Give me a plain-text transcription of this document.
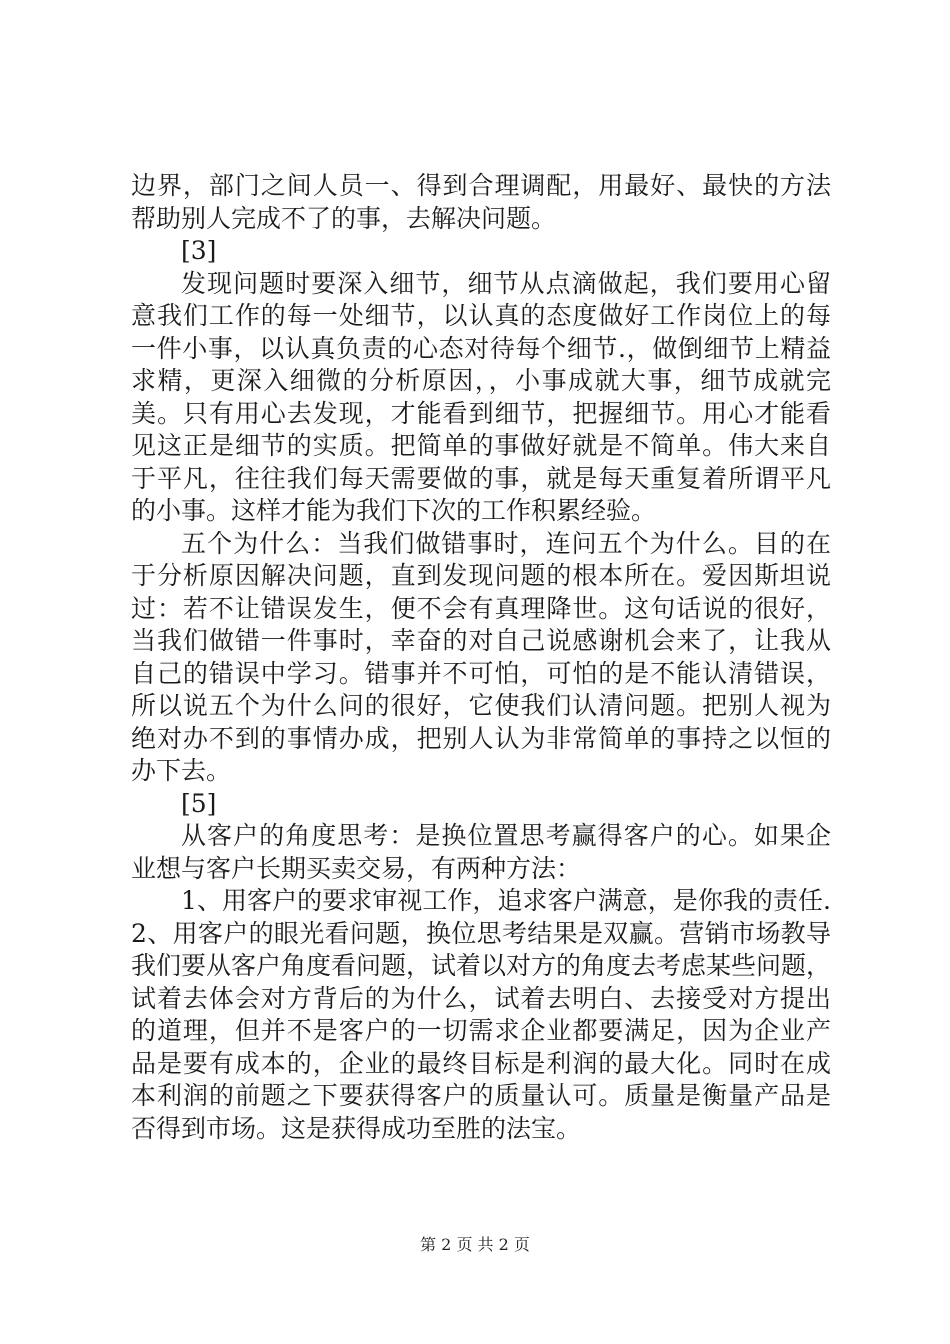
边界，部门之间人员一、得到合理调配，用最好、最快的方法
帮助别人完成不了的事，去解决问题。
[3]
发现问题时要深入细节，细节从点滴做起，我们要用心留
意我们工作的每一处细节，以认真的态度做好工作岗位上的每
一件小事，以认真负责的心态对待每个细节.，做倒细节上精益
求精，更深入细微的分析原因，，小事成就大事，细节成就完
美。只有用心去发现，才能看到细节，把握细节。用心才能看
见这正是细节的实质。把简单的事做好就是不简单。伟大来自
于平凡，往往我们每天需要做的事，就是每天重复着所谓平凡
的小事。这样才能为我们下次的工作积累经验。
五个为什么：当我们做错事时，连问五个为什么。目的在
于分析原因解决问题，直到发现问题的根本所在。爱因斯坦说
过：若不让错误发生，便不会有真理降世。这句话说的很好，
当我们做错一件事时，幸奋的对自己说感谢机会来了，让我从
自己的错误中学习。错事并不可怕，可怕的是不能认清错误，
所以说五个为什么问的很好，它使我们认清问题。把别人视为
绝对办不到的事情办成，把别人认为非常简单的事持之以恒的
办下去。
[5]
从客户的角度思考：是换位置思考赢得客户的心。如果企
业想与客户长期买卖交易，有两种方法：
1、用客户的要求审视工作，追求客户满意，是你我的责任.
2、用客户的眼光看问题，换位思考结果是双赢。营销市场教导
我们要从客户角度看问题，试着以对方的角度去考虑某些问题，
试着去体会对方背后的为什么，试着去明白、去接受对方提出
的道理，但并不是客户的一切需求企业都要满足，因为企业产
品是要有成本的，企业的最终目标是利润的最大化。同时在成
本利润的前题之下要获得客户的质量认可。质量是衡量产品是
否得到市场。这是获得成功至胜的法宝。
第 2 页 共 2 页
